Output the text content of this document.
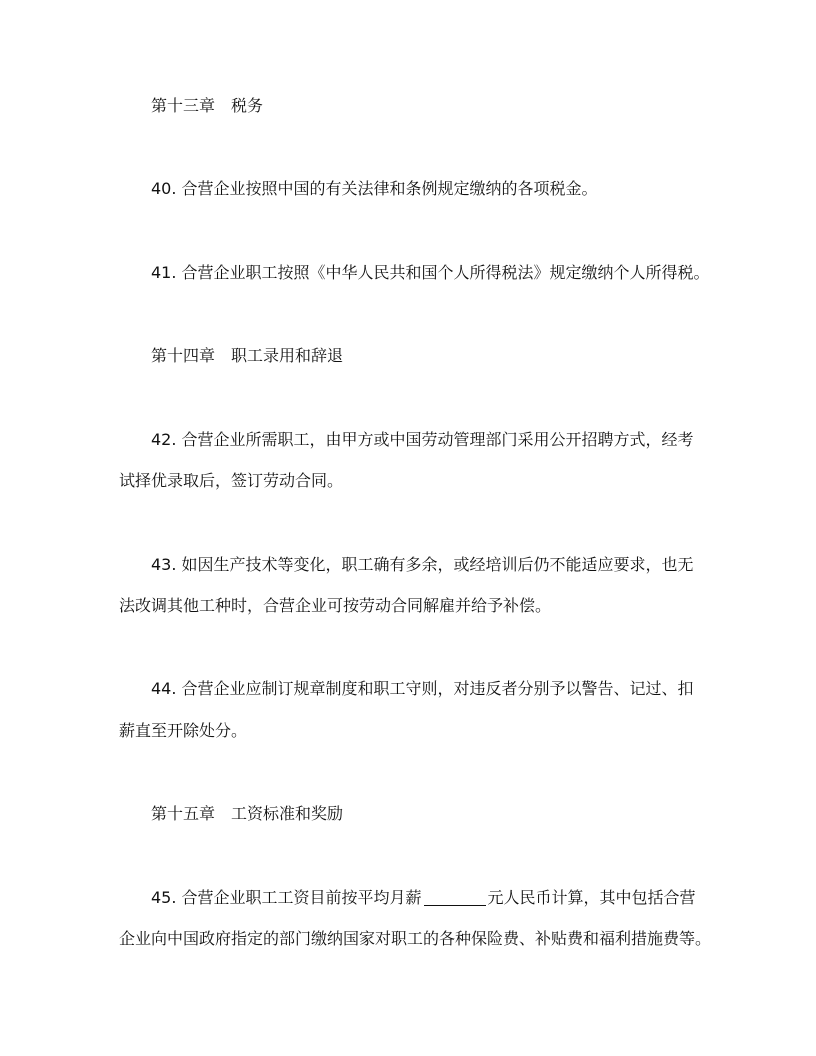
第十三章　税务
40. 合营企业按照中国的有关法律和条例规定缴纳的各项税金。
41. 合营企业职工按照《中华人民共和国个人所得税法》规定缴纳个人所得税。
第十四章　职工录用和辞退
42. 合营企业所需职工，由甲方或中国劳动管理部门采用公开招聘方式，经考
试择优录取后，签订劳动合同。
43. 如因生产技术等变化，职工确有多余，或经培训后仍不能适应要求，也无
法改调其他工种时，合营企业可按劳动合同解雇并给予补偿。
44. 合营企业应制订规章制度和职工守则，对违反者分别予以警告、记过、扣
薪直至开除处分。
第十五章　工资标准和奖励
45. 合营企业职工工资目前按平均月薪	元人民币计算，其中包括合营
企业向中国政府指定的部门缴纳国家对职工的各种保险费、补贴费和福利措施费等。
